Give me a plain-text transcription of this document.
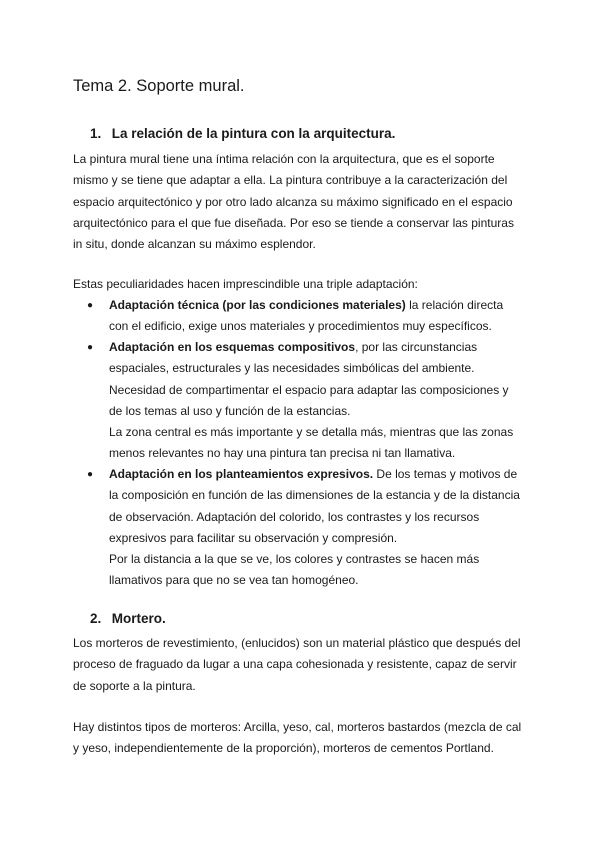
Tema 2. Soporte mural.
1. La relación de la pintura con la arquitectura.

La pintura mural tiene una íntima relación con la arquitectura, que es el soporte
mismo y se tiene que adaptar a ella. La pintura contribuye a la caracterización del
espacio arquitectónico y por otro lado alcanza su máximo significado en el espacio
arquitectónico para el que fue diseñada. Por eso se tiende a conservar las pinturas
in situ, donde alcanzan su máximo esplendor.

Estas peculiaridades hacen imprescindible una triple adaptación:

● Adaptación técnica (por las condiciones materiales) la relación directa
con el edificio, exige unos materiales y procedimientos muy específicos.
● Adaptación en los esquemas compositivos, por las circunstancias
espaciales, estructurales y las necesidades simbólicas del ambiente.
Necesidad de compartimentar el espacio para adaptar las composiciones y
de los temas al uso y función de la estancias.
La zona central es más importante y se detalla más, mientras que las zonas
menos relevantes no hay una pintura tan precisa ni tan llamativa.
● Adaptación en los planteamientos expresivos. De los temas y motivos de
la composición en función de las dimensiones de la estancia y de la distancia
de observación. Adaptación del colorido, los contrastes y los recursos
expresivos para facilitar su observación y compresión.
Por la distancia a la que se ve, los colores y contrastes se hacen más
llamativos para que no se vea tan homogéneo.
2. Mortero.

Los morteros de revestimiento, (enlucidos) son un material plástico que después del
proceso de fraguado da lugar a una capa cohesionada y resistente, capaz de servir
de soporte a la pintura.

Hay distintos tipos de morteros: Arcilla, yeso, cal, morteros bastardos (mezcla de cal
y yeso, independientemente de la proporción), morteros de cementos Portland.
